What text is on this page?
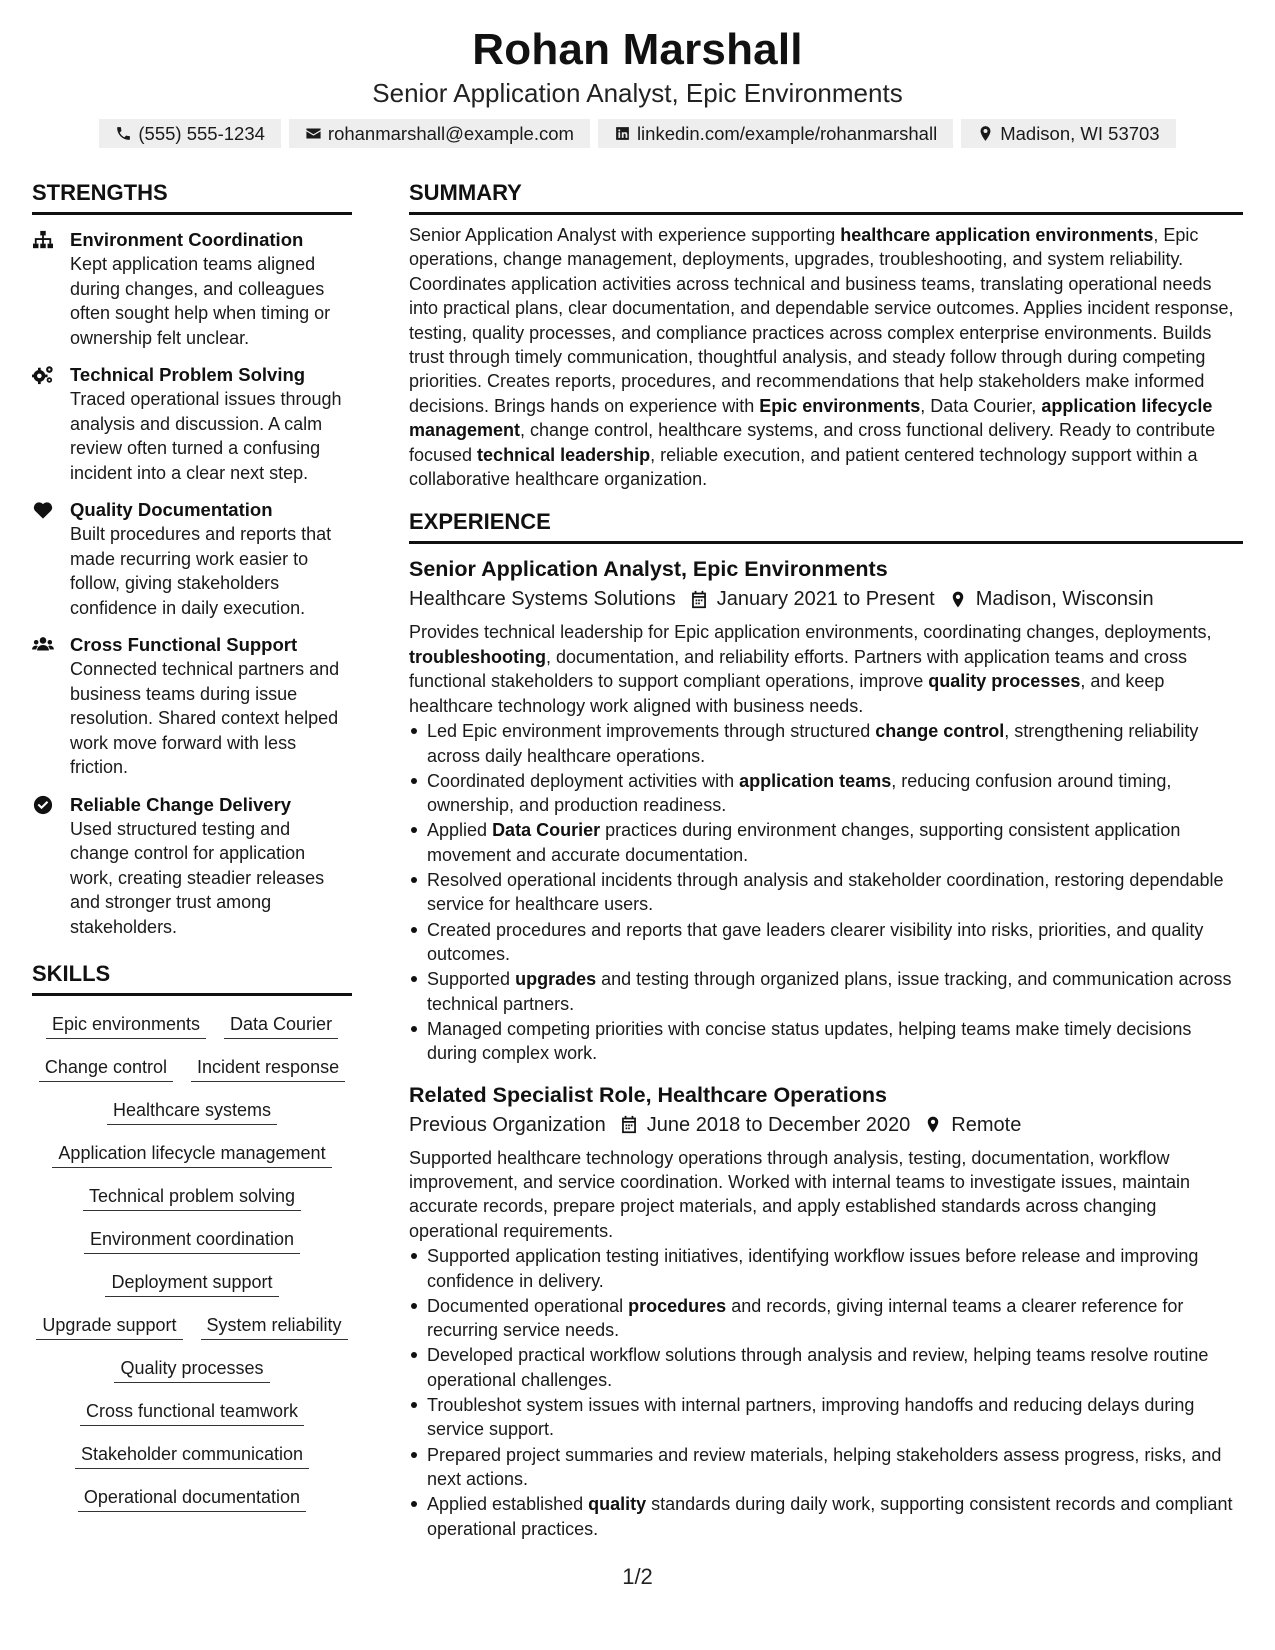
Rohan Marshall
Senior Application Analyst, Epic Environments
(555) 555-1234	rohanmarshall@example.com	linkedin.com/example/rohanmarshall	Madison, WI 53703
STRENGTHS
Environment Coordination
Kept application teams aligned during changes, and colleagues often sought help when timing or ownership felt unclear.
Technical Problem Solving
Traced operational issues through analysis and discussion. A calm review often turned a confusing incident into a clear next step.
Quality Documentation
Built procedures and reports that made recurring work easier to follow, giving stakeholders confidence in daily execution.
Cross Functional Support
Connected technical partners and business teams during issue resolution. Shared context helped work move forward with less friction.
Reliable Change Delivery
Used structured testing and change control for application work, creating steadier releases and stronger trust among stakeholders.
SKILLS
Epic environments	Data Courier
Change control	Incident response
Healthcare systems
Application lifecycle management
Technical problem solving
Environment coordination
Deployment support
Upgrade support	System reliability
Quality processes
Cross functional teamwork
Stakeholder communication
Operational documentation
SUMMARY

Senior Application Analyst with experience supporting healthcare application environments, Epic operations, change management, deployments, upgrades, troubleshooting, and system reliability. Coordinates application activities across technical and business teams, translating operational needs into practical plans, clear documentation, and dependable service outcomes. Applies incident response, testing, quality processes, and compliance practices across complex enterprise environments. Builds trust through timely communication, thoughtful analysis, and steady follow through during competing priorities. Creates reports, procedures, and recommendations that help stakeholders make informed decisions. Brings hands on experience with Epic environments, Data Courier, application lifecycle management, change control, healthcare systems, and cross functional delivery. Ready to contribute focused technical leadership, reliable execution, and patient centered technology support within a collaborative healthcare organization.

EXPERIENCE
Senior Application Analyst, Epic Environments
Healthcare Systems Solutions January 2021 to Present Madison, Wisconsin

Provides technical leadership for Epic application environments, coordinating changes, deployments, troubleshooting, documentation, and reliability efforts. Partners with application teams and cross functional stakeholders to support compliant operations, improve quality processes, and keep healthcare technology work aligned with business needs.

Led Epic environment improvements through structured change control, strengthening reliability across daily healthcare operations.
Coordinated deployment activities with application teams, reducing confusion around timing, ownership, and production readiness.
Applied Data Courier practices during environment changes, supporting consistent application movement and accurate documentation.
Resolved operational incidents through analysis and stakeholder coordination, restoring dependable service for healthcare users.
Created procedures and reports that gave leaders clearer visibility into risks, priorities, and quality outcomes.
Supported upgrades and testing through organized plans, issue tracking, and communication across technical partners.
Managed competing priorities with concise status updates, helping teams make timely decisions during complex work.
Related Specialist Role, Healthcare Operations
Previous Organization June 2018 to December 2020 Remote

Supported healthcare technology operations through analysis, testing, documentation, workflow improvement, and service coordination. Worked with internal teams to investigate issues, maintain accurate records, prepare project materials, and apply established standards across changing operational requirements.

Supported application testing initiatives, identifying workflow issues before release and improving confidence in delivery.
Documented operational procedures and records, giving internal teams a clearer reference for recurring service needs.
Developed practical workflow solutions through analysis and review, helping teams resolve routine operational challenges.
Troubleshot system issues with internal partners, improving handoffs and reducing delays during service support.
Prepared project summaries and review materials, helping stakeholders assess progress, risks, and next actions.
Applied established quality standards during daily work, supporting consistent records and compliant operational practices.
1/2
